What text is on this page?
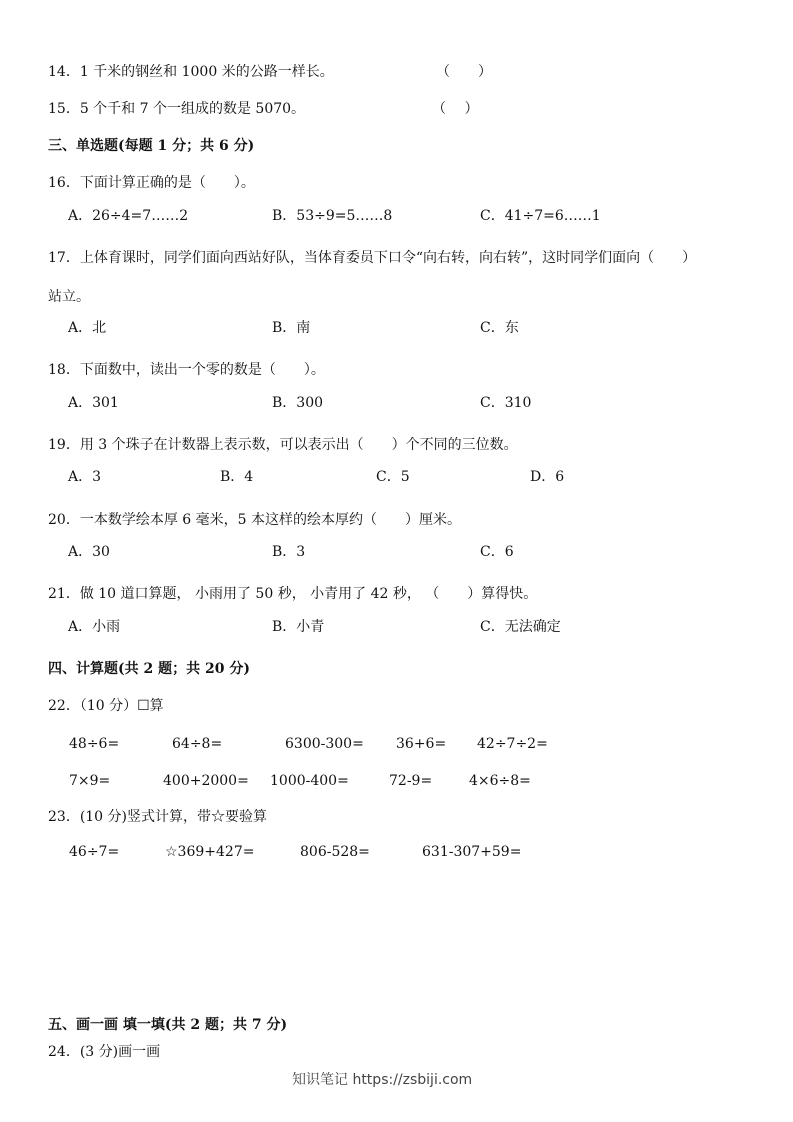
14．1 千米的钢丝和 1000 米的公路一样长。	（　　）
15．5 个千和 7 个一组成的数是 5070。	（　 ）
三、单选题(每题 1 分；共 6 分)
16．下面计算正确的是（　　）。
A．26÷4=7……2	B．53÷9=5……8	C．41÷7=6……1
17．上体育课时，同学们面向西站好队，当体育委员下口令“向右转，向右转”，这时同学们面向（　　）
站立。
A．北	B．南	C．东
18．下面数中，读出一个零的数是（　　）。
A．301	B．300	C．310
19．用 3 个珠子在计数器上表示数，可以表示出（　　）个不同的三位数。
A．3	B．4	C．5	D．6
20．一本数学绘本厚 6 毫米，5 本这样的绘本厚约（　　）厘米。
A．30	B．3	C．6
21．做 10 道口算题， 小雨用了 50 秒， 小青用了 42 秒， （　　）算得快。
A．小雨	B．小青	C．无法确定
四、计算题(共 2 题；共 20 分)
22．（10 分）☐算
48÷6=	64÷8=	6300-300= 36+6= 42÷7÷2=
7×9=	400+2000= 1000-400=	72-9=	4×6÷8=
23．(10 分)竖式计算，带☆要验算
46÷7=	☆369+427=	806-528=	631-307+59=
五、画一画 填一填(共 2 题；共 7 分)
24．(3 分)画一画
知识笔记 https://zsbiji.com
